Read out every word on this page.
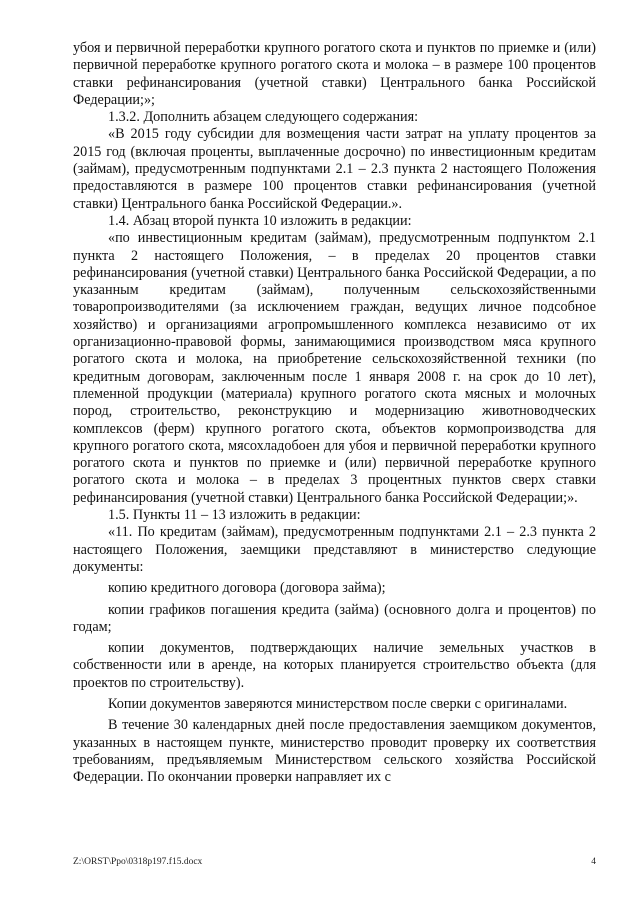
убоя и первичной переработки крупного рогатого скота и пунктов по приемке и (или) первичной переработке крупного рогатого скота и молока – в размере 100 процентов ставки рефинансирования (учетной ставки) Центрального банка Российской Федерации;»;

1.3.2. Дополнить абзацем следующего содержания:

«В 2015 году субсидии для возмещения части затрат на уплату процентов за 2015 год (включая проценты, выплаченные досрочно) по инвестиционным кредитам (займам), предусмотренным подпунктами 2.1 – 2.3 пункта 2 настоящего Положения предоставляются в размере 100 процентов ставки рефинансирования (учетной ставки) Центрального банка Российской Федерации.».

1.4. Абзац второй пункта 10 изложить в редакции:

«по инвестиционным кредитам (займам), предусмотренным подпунктом 2.1 пункта 2 настоящего Положения, – в пределах 20 процентов ставки рефинансирования (учетной ставки) Центрального банка Российской Федерации, а по указанным кредитам (займам), полученным сельскохозяйственными товаропроизводителями (за исключением граждан, ведущих личное подсобное хозяйство) и организациями агропромышленного комплекса независимо от их организационно-правовой формы, занимающимися производством мяса крупного рогатого скота и молока, на приобретение сельскохозяйственной техники (по кредитным договорам, заключенным после 1 января 2008 г. на срок до 10 лет), племенной продукции (материала) крупного рогатого скота мясных и молочных пород, строительство, реконструкцию и модернизацию животноводческих комплексов (ферм) крупного рогатого скота, объектов кормопроизводства для крупного рогатого скота, мясохладобоен для убоя и первичной переработки крупного рогатого скота и пунктов по приемке и (или) первичной переработке крупного рогатого скота и молока – в пределах 3 процентных пунктов сверх ставки рефинансирования (учетной ставки) Центрального банка Российской Федерации;».

1.5. Пункты 11 – 13 изложить в редакции:

«11. По кредитам (займам), предусмотренным подпунктами 2.1 – 2.3 пункта 2 настоящего Положения, заемщики представляют в министерство следующие документы:

копию кредитного договора (договора займа);

копии графиков погашения кредита (займа) (основного долга и процентов) по годам;

копии документов, подтверждающих наличие земельных участков в собственности или в аренде, на которых планируется строительство объекта (для проектов по строительству).

Копии документов заверяются министерством после сверки с оригиналами.

В течение 30 календарных дней после предоставления заемщиком документов, указанных в настоящем пункте, министерство проводит проверку их соответствия требованиям, предъявляемым Министерством сельского хозяйства Российской Федерации. По окончании проверки направляет их с

Z:\ORST\Ppo\0318p197.f15.docx	4
